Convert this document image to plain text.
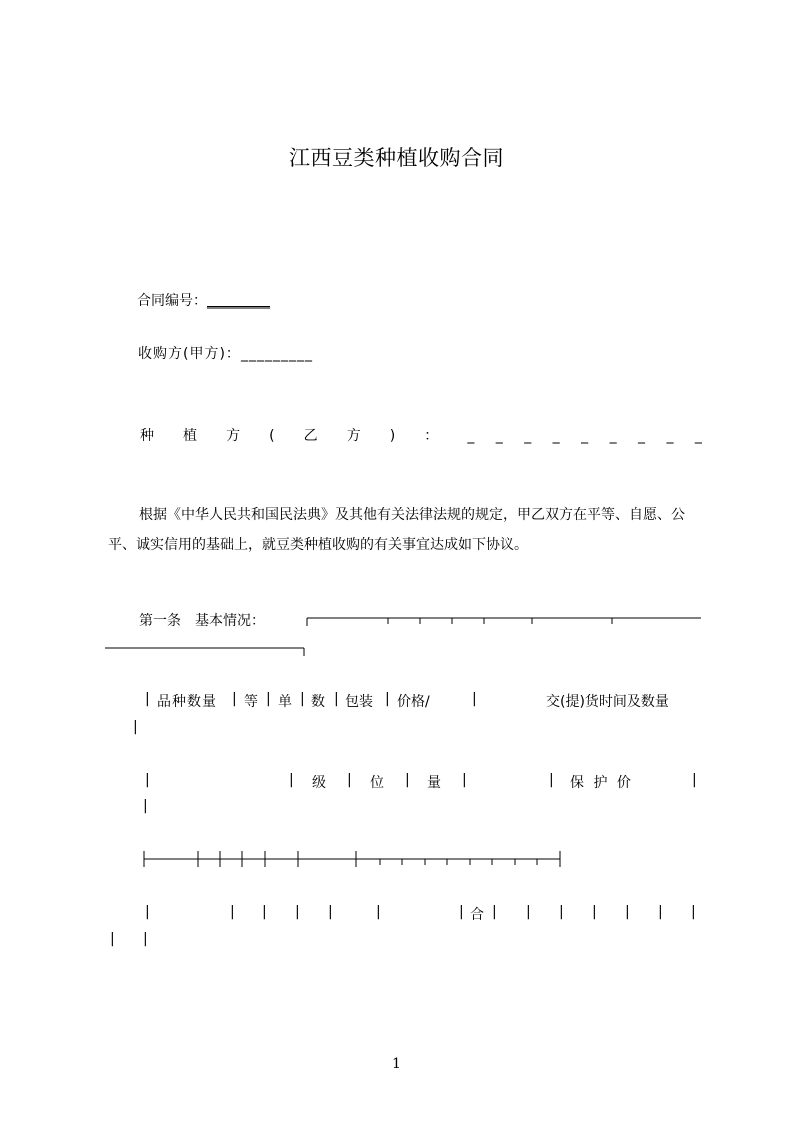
江西豆类种植收购合同
合同编号：_________
收购方(甲方)：_________
种 植 方 ( 乙 方 ) ： _ _ _ _ _ _ _ _ _
根据《中华人民共和国民法典》及其他有关法律法规的规定，甲乙双方在平等、自愿、公平、诚实信用的基础上，就豆类种植收购的有关事宜达成如下协议。
第一条　基本情况：
| 品种数量 | 等 | 单 | 数 | 包装 | 价格/	|	交(提)货时间及数量
|
|	| 级 | 位 | 量 |	| 保 护 价	|
|
|	| | | |	|	| 合 | | | | | | |
| |
1
